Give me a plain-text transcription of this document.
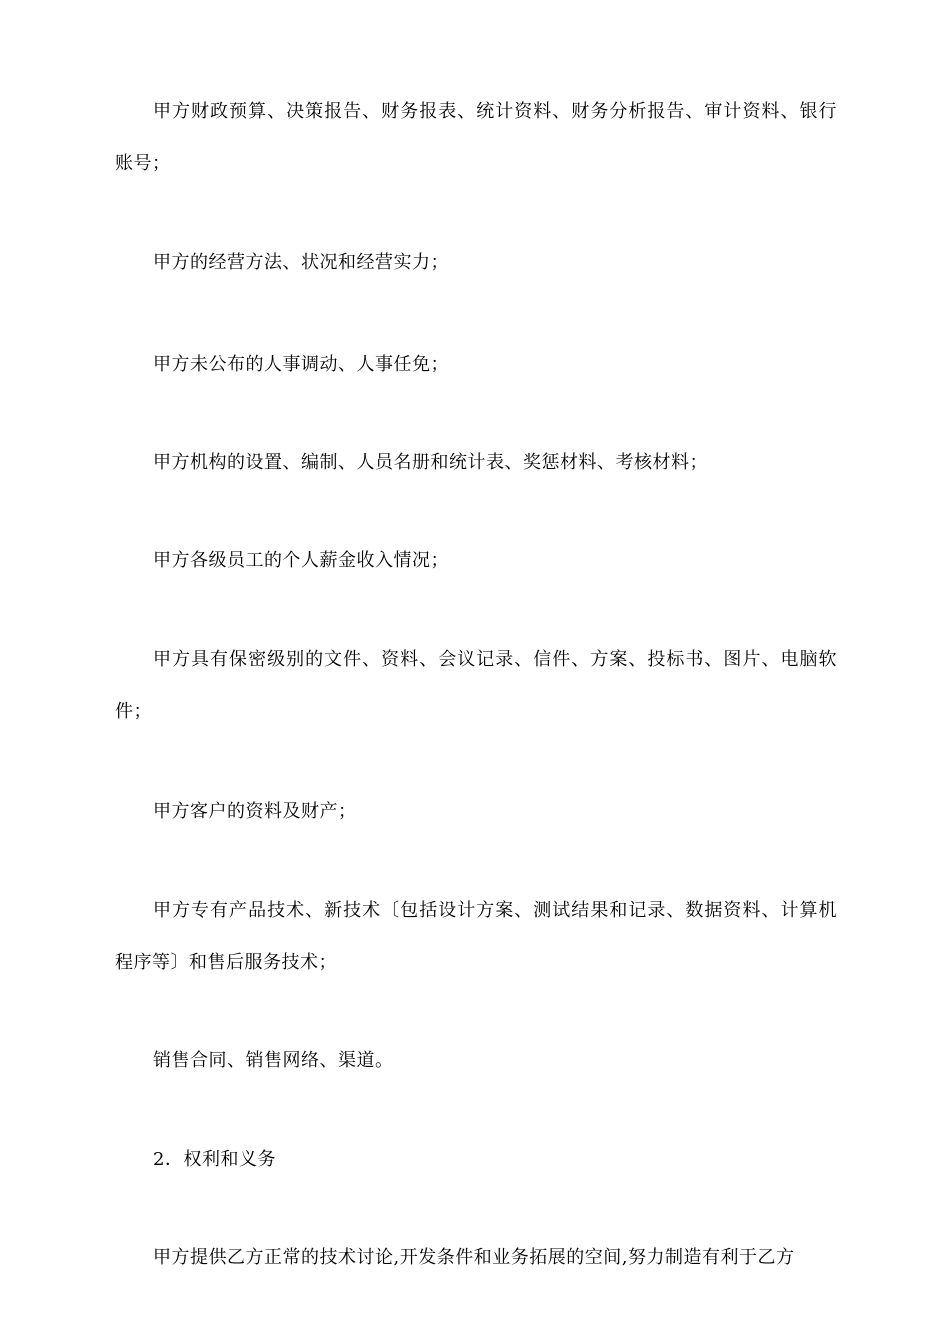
甲方财政预算、决策报告、财务报表、统计资料、财务分析报告、审计资料、银行账号；

甲方的经营方法、状况和经营实力；

甲方未公布的人事调动、人事任免；

甲方机构的设置、编制、人员名册和统计表、奖惩材料、考核材料；

甲方各级员工的个人薪金收入情况；

甲方具有保密级别的文件、资料、会议记录、信件、方案、投标书、图片、电脑软件；

甲方客户的资料及财产；

甲方专有产品技术、新技术〔包括设计方案、测试结果和记录、数据资料、计算机程序等〕和售后服务技术；

销售合同、销售网络、渠道。

2．权利和义务

甲方提供乙方正常的技术讨论,开发条件和业务拓展的空间,努力制造有利于乙方
